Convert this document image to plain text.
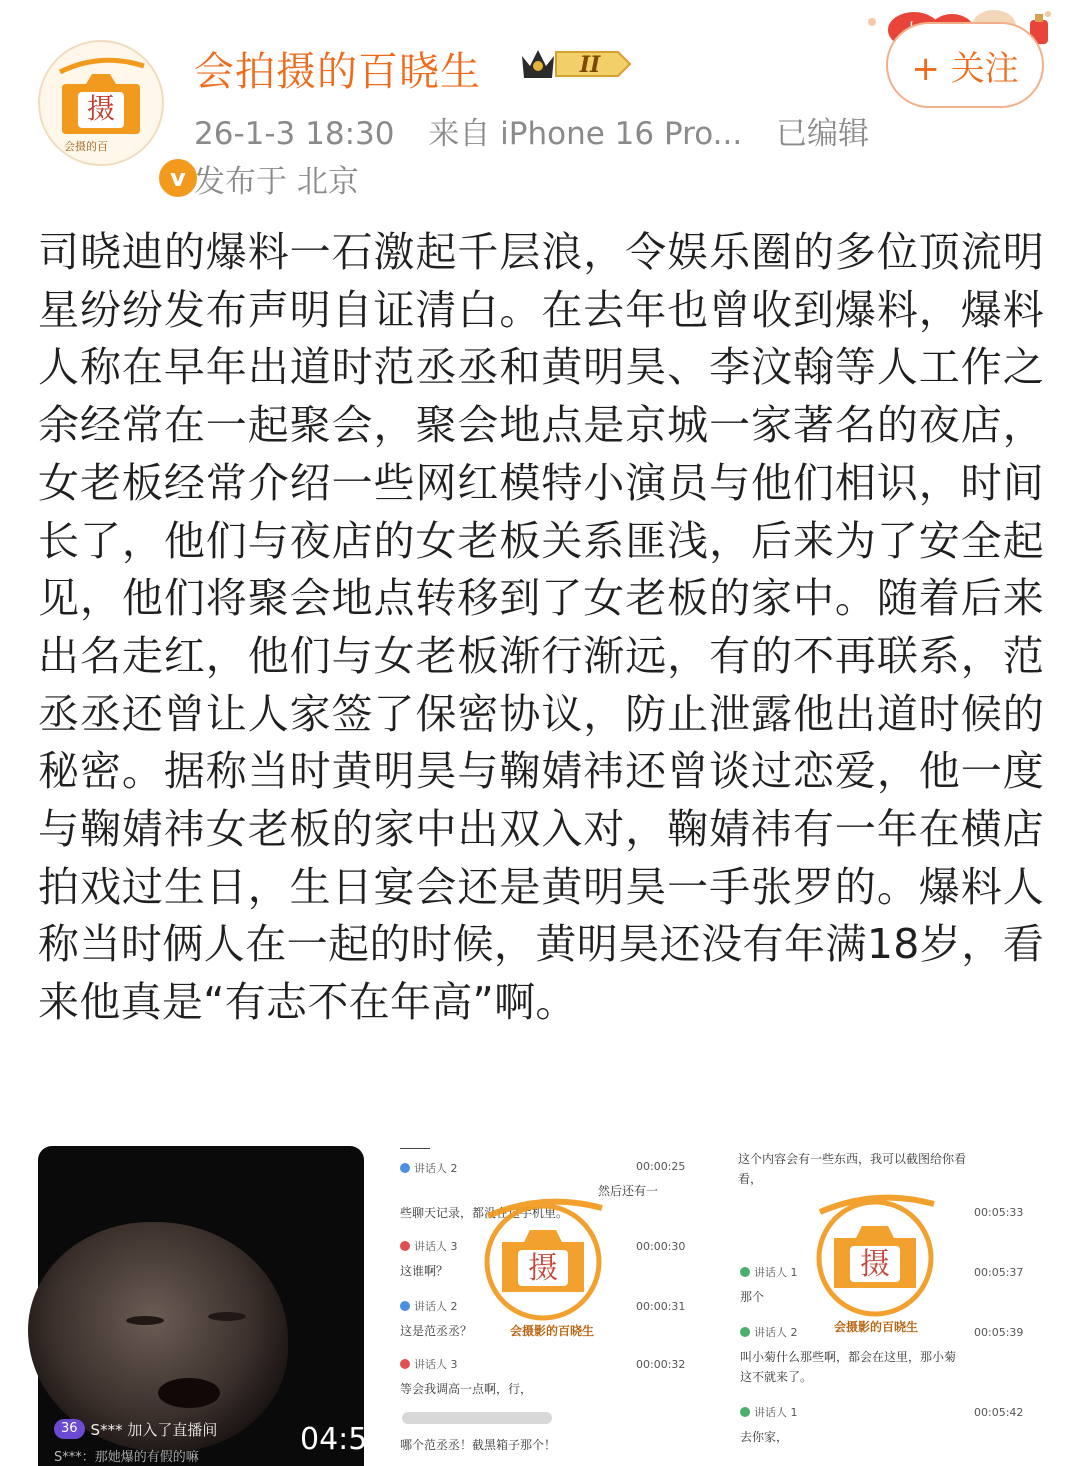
摄
会摄的百
v
会拍摄的百晓生	II
26-1-3 18:30 来自 iPhone 16 Pro... 已编辑
发布于 北京
+ 关注
司晓迪的爆料一石激起千层浪，令娱乐圈的多位顶流明星纷纷发布声明自证清白。在去年也曾收到爆料，爆料人称在早年出道时范丞丞和黄明昊、李汶翰等人工作之余经常在一起聚会，聚会地点是京城一家著名的夜店，女老板经常介绍一些网红模特小演员与他们相识，时间长了，他们与夜店的女老板关系匪浅，后来为了安全起见，他们将聚会地点转移到了女老板的家中。随着后来出名走红，他们与女老板渐行渐远，有的不再联系，范丞丞还曾让人家签了保密协议，防止泄露他出道时候的秘密。据称当时黄明昊与鞠婧祎还曾谈过恋爱，他一度与鞠婧祎女老板的家中出双入对，鞠婧祎有一年在横店拍戏过生日，生日宴会还是黄明昊一手张罗的。爆料人称当时俩人在一起的时候，黄明昊还没有年满18岁，看来他真是“有志不在年高”啊。
36 S*** 加入了直播间
S***：那她爆的有假的嘛
04:55
讲话人 2	00:00:25
然后还有一
些聊天记录，都没在这手机里。
讲话人 3	00:00:30
这谁啊？
讲话人 2	00:00:31
这是范丞丞？
讲话人 3	00:00:32
等会我调高一点啊，行，
哪个范丞丞！截黑箱子那个！
摄
会摄影的百晓生
这个内容会有一些东西，我可以截图给你看
看，
00:05:33
讲话人 1	00:05:37
那个
讲话人 2	00:05:39
叫小菊什么那些啊，都会在这里，那小菊
这不就来了。
讲话人 1	00:05:42
去你家，
摄
会摄影的百晓生
